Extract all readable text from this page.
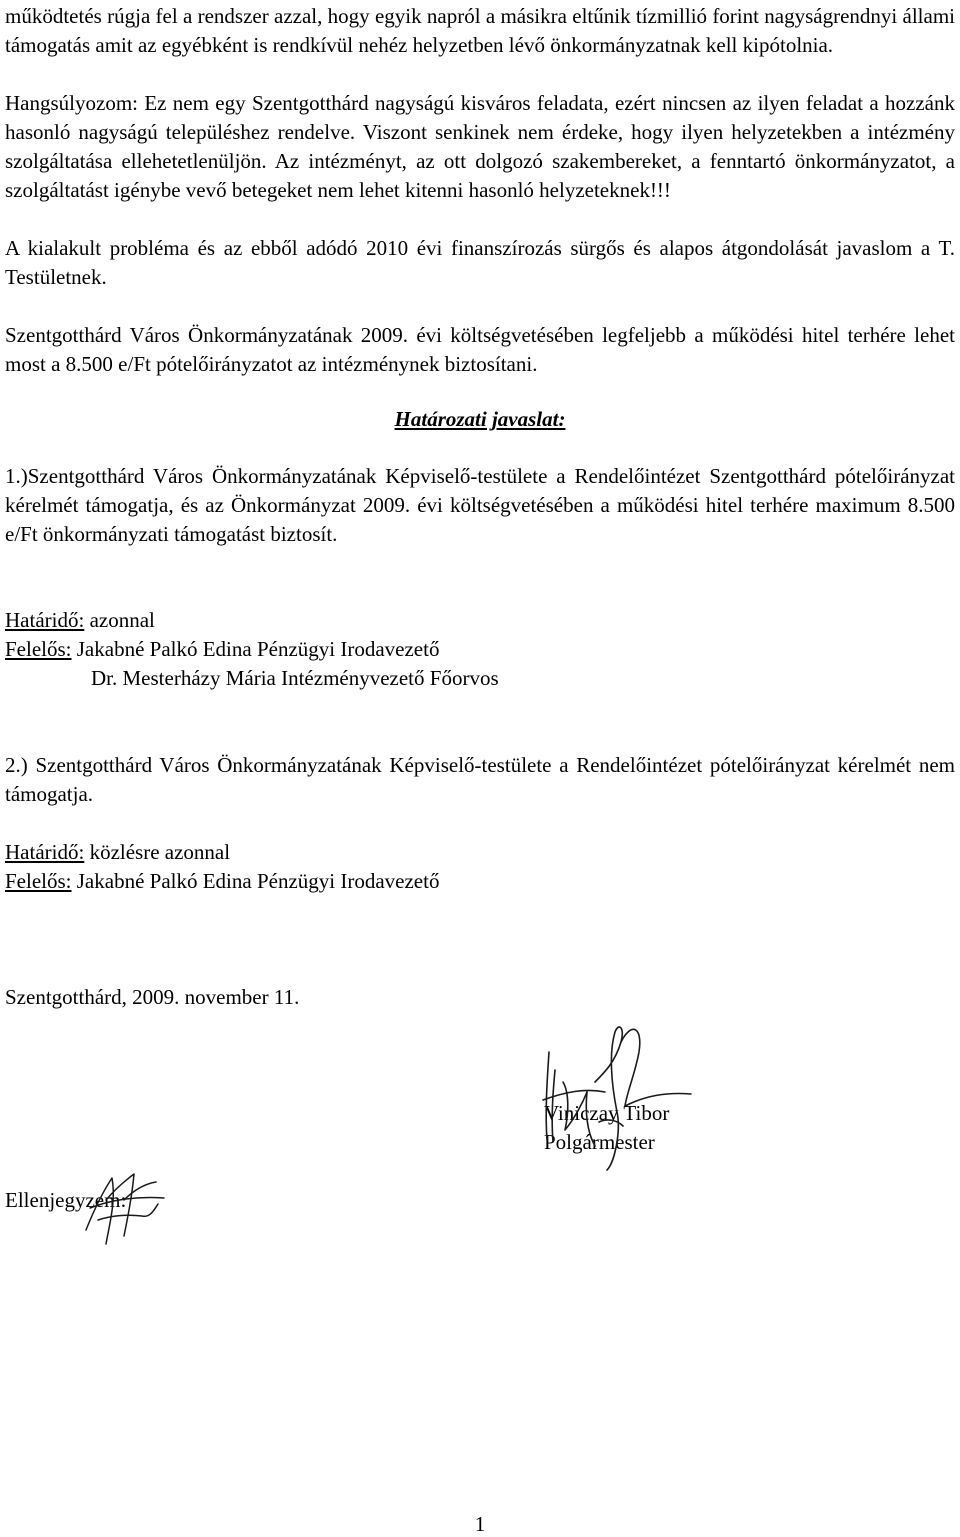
működtetés rúgja fel a rendszer azzal, hogy egyik napról a másikra eltűnik tízmillió forint nagyságrendnyi állami támogatás amit az egyébként is rendkívül nehéz helyzetben lévő önkormányzatnak kell kipótolnia.

Hangsúlyozom: Ez nem egy Szentgotthárd nagyságú kisváros feladata, ezért nincsen az ilyen feladat a hozzánk hasonló nagyságú településhez rendelve. Viszont senkinek nem érdeke, hogy ilyen helyzetekben a intézmény szolgáltatása ellehetetlenüljön. Az intézményt, az ott dolgozó szakembereket, a fenntartó önkormányzatot, a szolgáltatást igénybe vevő betegeket nem lehet kitenni hasonló helyzeteknek!!!

A kialakult probléma és az ebből adódó 2010 évi finanszírozás sürgős és alapos átgondolását javaslom a T. Testületnek.

Szentgotthárd Város Önkormányzatának 2009. évi költségvetésében legfeljebb a működési hitel terhére lehet most a 8.500 e/Ft pótelőirányzatot az intézménynek biztosítani.

Határozati javaslat:

1.)Szentgotthárd Város Önkormányzatának Képviselő-testülete a Rendelőintézet Szentgotthárd pótelőirányzat kérelmét támogatja, és az Önkormányzat 2009. évi költségvetésében a működési hitel terhére maximum 8.500 e/Ft önkormányzati támogatást biztosít.

Határidő: azonnal
Felelős: Jakabné Palkó Edina Pénzügyi Irodavezető
Dr. Mesterházy Mária Intézményvezető Főorvos

2.) Szentgotthárd Város Önkormányzatának Képviselő-testülete a Rendelőintézet pótelőirányzat kérelmét nem támogatja.

Határidő: közlésre azonnal
Felelős: Jakabné Palkó Edina Pénzügyi Irodavezető
Szentgotthárd, 2009. november 11.
Viniczay Tibor
Polgármester
Ellenjegyzem:
1
